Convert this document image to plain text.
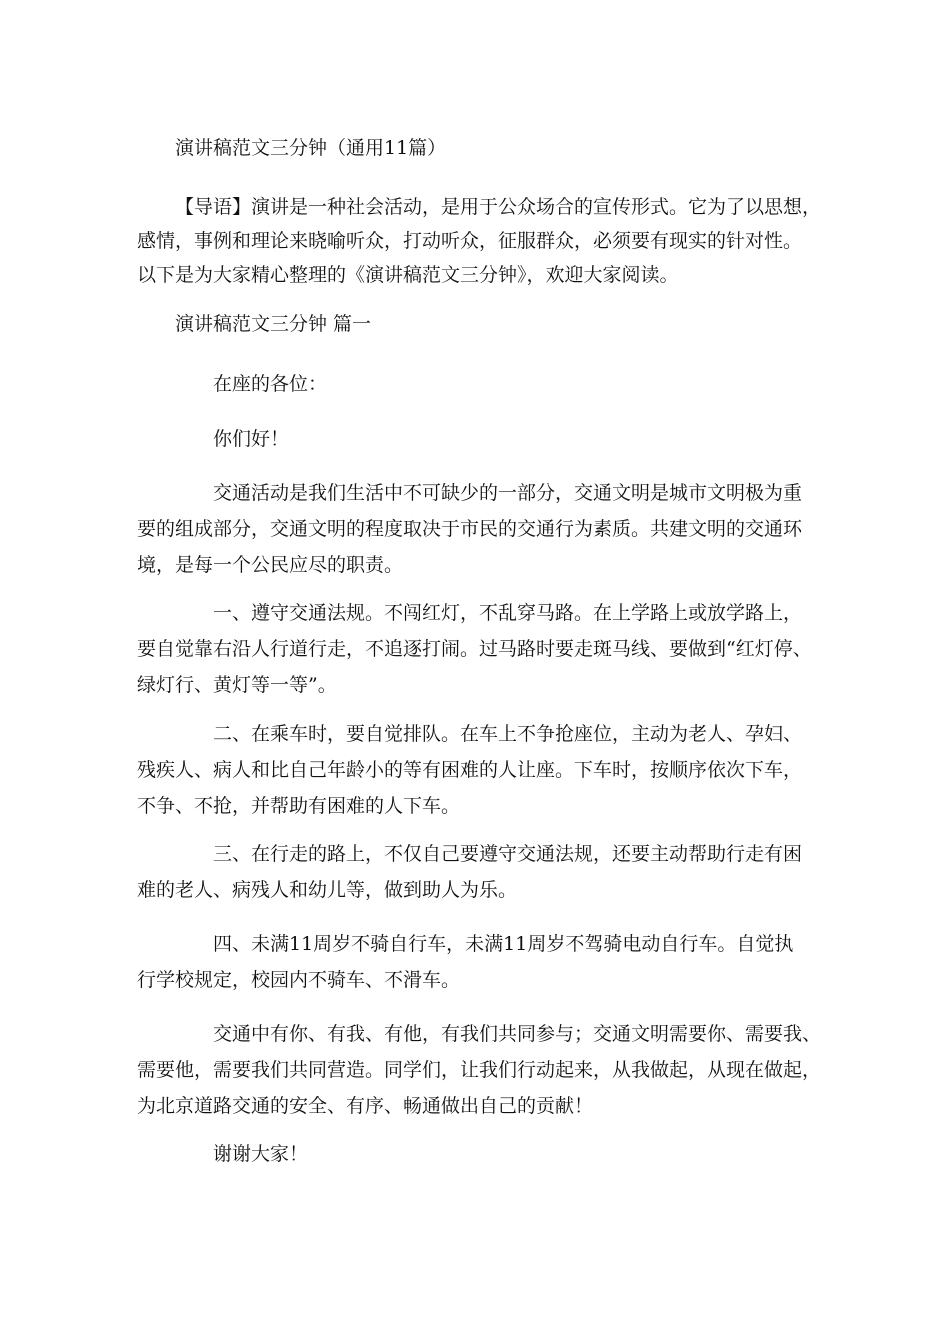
演讲稿范文三分钟（通用11篇）
【导语】演讲是一种社会活动，是用于公众场合的宣传形式。它为了以思想，
感情，事例和理论来晓喻听众，打动听众，征服群众，必须要有现实的针对性。
以下是为大家精心整理的《演讲稿范文三分钟》，欢迎大家阅读。
演讲稿范文三分钟 篇一
在座的各位：
你们好！
交通活动是我们生活中不可缺少的一部分，交通文明是城市文明极为重
要的组成部分，交通文明的程度取决于市民的交通行为素质。共建文明的交通环
境，是每一个公民应尽的职责。
一、遵守交通法规。不闯红灯，不乱穿马路。在上学路上或放学路上，
要自觉靠右沿人行道行走，不追逐打闹。过马路时要走斑马线、要做到“红灯停、
绿灯行、黄灯等一等”。
二、在乘车时，要自觉排队。在车上不争抢座位，主动为老人、孕妇、
残疾人、病人和比自己年龄小的等有困难的人让座。下车时，按顺序依次下车，
不争、不抢，并帮助有困难的人下车。
三、在行走的路上，不仅自己要遵守交通法规，还要主动帮助行走有困
难的老人、病残人和幼儿等，做到助人为乐。
四、未满11周岁不骑自行车，未满11周岁不驾骑电动自行车。自觉执
行学校规定，校园内不骑车、不滑车。
交通中有你、有我、有他，有我们共同参与；交通文明需要你、需要我、
需要他，需要我们共同营造。同学们，让我们行动起来，从我做起，从现在做起，
为北京道路交通的安全、有序、畅通做出自己的贡献！
谢谢大家！
